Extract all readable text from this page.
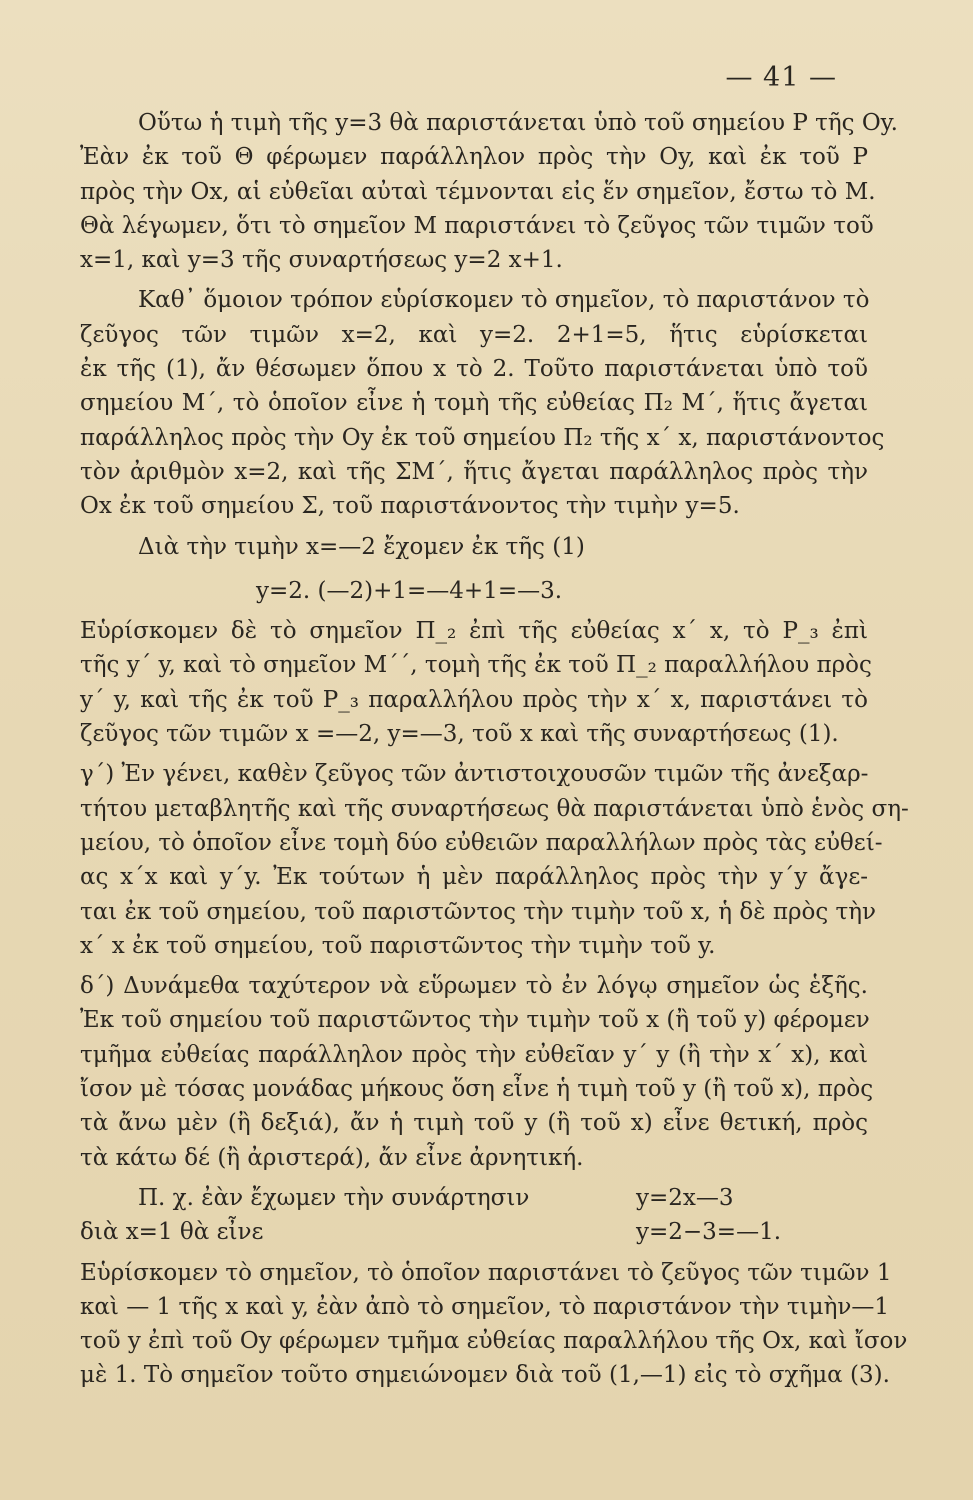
— 41 —
Οὕτω ἡ τιμὴ τῆς y=3 θὰ παριστάνεται ὑπὸ τοῦ σημείου Ρ τῆς Oy.
Ἐὰν ἐκ τοῦ Θ φέρωμεν παράλληλον πρὸς τὴν Oy, καὶ ἐκ τοῦ Ρ
πρὸς τὴν Ox, αἱ εὐθεῖαι αὐταὶ τέμνονται εἰς ἕν σημεῖον, ἔστω τὸ Μ.
Θὰ λέγωμεν, ὅτι τὸ σημεῖον Μ παριστάνει τὸ ζεῦγος τῶν τιμῶν τοῦ
x=1, καὶ y=3 τῆς συναρτήσεως y=2 x+1.
Καθ᾿ ὅμοιον τρόπον εὑρίσκομεν τὸ σημεῖον, τὸ παριστάνον τὸ
ζεῦγος τῶν τιμῶν x=2, καὶ y=2. 2+1=5, ἥτις εὑρίσκεται
ἐκ τῆς (1), ἄν θέσωμεν ὅπου x τὸ 2. Τοῦτο παριστάνεται ὑπὸ τοῦ
σημείου Μ΄, τὸ ὁποῖον εἶνε ἡ τομὴ τῆς εὐθείας Π₂ Μ΄, ἥτις ἄγεται
παράλληλος πρὸς τὴν Oy ἐκ τοῦ σημείου Π₂ τῆς x΄ x, παριστάνοντος
τὸν ἀριθμὸν x=2, καὶ τῆς ΣΜ΄, ἥτις ἄγεται παράλληλος πρὸς τὴν
Ox ἐκ τοῦ σημείου Σ, τοῦ παριστάνοντος τὴν τιμὴν y=5.
Διὰ τὴν τιμὴν x=—2 ἔχομεν ἐκ τῆς (1)
y=2. (—2)+1=—4+1=—3.
Εὑρίσκομεν δὲ τὸ σημεῖον Π_₂ ἐπὶ τῆς εὐθείας x΄ x, τὸ Ρ_₃ ἐπὶ
τῆς y΄ y, καὶ τὸ σημεῖον Μ΄΄, τομὴ τῆς ἐκ τοῦ Π_₂ παραλλήλου πρὸς
y΄ y, καὶ τῆς ἐκ τοῦ Ρ_₃ παραλλήλου πρὸς τὴν x΄ x, παριστάνει τὸ
ζεῦγος τῶν τιμῶν x =—2, y=—3, τοῦ x καὶ τῆς συναρτήσεως (1).
γ΄) Ἐν γένει, καθὲν ζεῦγος τῶν ἀντιστοιχουσῶν τιμῶν τῆς ἀνεξαρ-
τήτου μεταβλητῆς καὶ τῆς συναρτήσεως θὰ παριστάνεται ὑπὸ ἑνὸς ση-
μείου, τὸ ὁποῖον εἶνε τομὴ δύο εὐθειῶν παραλλήλων πρὸς τὰς εὐθεί-
ας x΄x καὶ y΄y. Ἐκ τούτων ἡ μὲν παράλληλος πρὸς τὴν y΄y ἄγε-
ται ἐκ τοῦ σημείου, τοῦ παριστῶντος τὴν τιμὴν τοῦ x, ἡ δὲ πρὸς τὴν
x΄ x ἐκ τοῦ σημείου, τοῦ παριστῶντος τὴν τιμὴν τοῦ y.
δ΄) Δυνάμεθα ταχύτερον νὰ εὕρωμεν τὸ ἐν λόγῳ σημεῖον ὡς ἑξῆς.
Ἐκ τοῦ σημείου τοῦ παριστῶντος τὴν τιμὴν τοῦ x (ἢ τοῦ y) φέρομεν
τμῆμα εὐθείας παράλληλον πρὸς τὴν εὐθεῖαν y΄ y (ἢ τὴν x΄ x), καὶ
ἴσον μὲ τόσας μονάδας μήκους ὅση εἶνε ἡ τιμὴ τοῦ y (ἢ τοῦ x), πρὸς
τὰ ἄνω μὲν (ἢ δεξιά), ἄν ἡ τιμὴ τοῦ y (ἢ τοῦ x) εἶνε θετική, πρὸς
τὰ κάτω δέ (ἢ ἀριστερά), ἄν εἶνε ἀρνητική.
Π. χ. ἐὰν ἔχωμεν τὴν συνάρτησιν	y=2x—3
διὰ x=1 θὰ εἶνε	y=2−3=—1.
Εὑρίσκομεν τὸ σημεῖον, τὸ ὁποῖον παριστάνει τὸ ζεῦγος τῶν τιμῶν 1
καὶ — 1 τῆς x καὶ y, ἐὰν ἀπὸ τὸ σημεῖον, τὸ παριστάνον τὴν τιμὴν—1
τοῦ y ἐπὶ τοῦ Oy φέρωμεν τμῆμα εὐθείας παραλλήλου τῆς Ox, καὶ ἴσον
μὲ 1. Τὸ σημεῖον τοῦτο σημειώνομεν διὰ τοῦ (1,—1) εἰς τὸ σχῆμα (3).
